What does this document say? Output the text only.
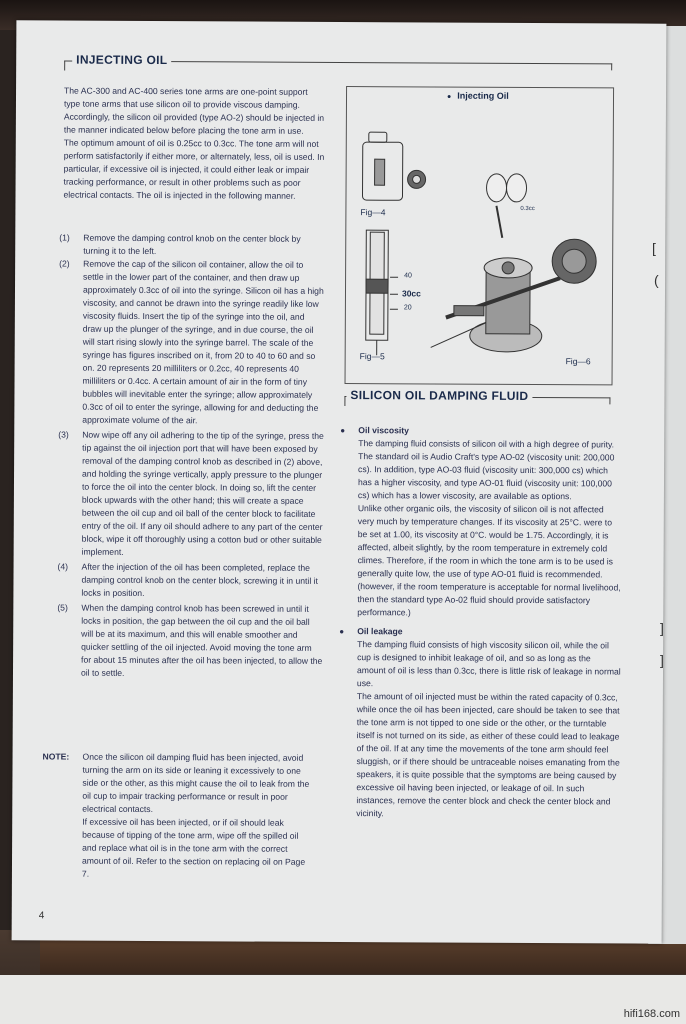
INJECTING OIL

The AC-300 and AC-400 series tone arms are one-point support type tone arms that use silicon oil to provide viscous damping. Accordingly, the silicon oil provided (type AO-2) should be injected in the manner indicated below before placing the tone arm in use.

The optimum amount of oil is 0.25cc to 0.3cc. The tone arm will not perform satisfactorily if either more, or alternately, less, oil is used. In particular, if excessive oil is injected, it could either leak or impair tracking performance, or result in other problems such as poor electrical contacts. The oil is injected in the following manner.

(1) Remove the damping control knob on the center block by turning it to the left.
(2) Remove the cap of the silicon oil container, allow the oil to settle in the lower part of the container, and then draw up approximately 0.3cc of oil into the syringe. Silicon oil has a high viscosity, and cannot be drawn into the syringe readily like low viscosity fluids. Insert the tip of the syringe into the oil, and draw up the plunger of the syringe, and in due course, the oil will start rising slowly into the syringe barrel. The scale of the syringe has figures inscribed on it, from 20 to 40 to 60 and so on. 20 represents 20 milliliters or 0.2cc, 40 represents 40 milliliters or 0.4cc. A certain amount of air in the form of tiny bubbles will inevitable enter the syringe; allow approximately 0.3cc of oil to enter the syringe, allowing for and deducting the approximate volume of the air.
(3) Now wipe off any oil adhering to the tip of the syringe, press the tip against the oil injection port that will have been exposed by removal of the damping control knob as described in (2) above, and holding the syringe vertically, apply pressure to the plunger to force the oil into the center block. In doing so, lift the center block upwards with the other hand; this will create a space between the oil cup and oil ball of the center block to facilitate entry of the oil. If any oil should adhere to any part of the center block, wipe it off thoroughly using a cotton bud or other suitable implement.
(4) After the injection of the oil has been completed, replace the damping control knob on the center block, screwing it in until it locks in position.
(5) When the damping control knob has been screwed in until it locks in position, the gap between the oil cup and the oil ball will be at its maximum, and this will enable smoother and quicker settling of the oil injected. Avoid moving the tone arm for about 15 minutes after the oil has been injected, to allow the oil to settle.
NOTE: Once the silicon oil damping fluid has been injected, avoid turning the arm on its side or leaning it excessively to one side or the other, as this might cause the oil to leak from the oil cup to impair tracking performance or result in poor electrical contacts.

If excessive oil has been injected, or if oil should leak because of tipping of the tone arm, wipe off the spilled oil and replace what oil is in the tone arm with the correct amount of oil. Refer to the section on replacing oil on Page 7.

● Injecting Oil
Fig—4
Fig—5
Fig—6
40
30cc
20
0.3cc
SILICON OIL DAMPING FLUID

● Oil viscosity

The damping fluid consists of silicon oil with a high degree of purity. The standard oil is Audio Craft's type AO-02 (viscosity unit: 200,000 cs). In addition, type AO-03 fluid (viscosity unit: 300,000 cs) which has a higher viscosity, and type AO-01 fluid (viscosity unit: 100,000 cs) which has a lower viscosity, are available as options.

Unlike other organic oils, the viscosity of silicon oil is not affected very much by temperature changes. If its viscosity at 25°C. were to be set at 1.00, its viscosity at 0°C. would be 1.75. Accordingly, it is affected, albeit slightly, by the room temperature in extremely cold climes. Therefore, if the room in which the tone arm is to be used is generally quite low, the use of type AO-01 fluid is recommended. (however, if the room temperature is acceptable for normal livelihood, then the standard type Ao-02 fluid should provide satisfactory performance.)

● Oil leakage

The damping fluid consists of high viscosity silicon oil, while the oil cup is designed to inhibit leakage of oil, and so as long as the amount of oil is less than 0.3cc, there is little risk of leakage in normal use.

The amount of oil injected must be within the rated capacity of 0.3cc, while once the oil has been injected, care should be taken to see that the tone arm is not tipped to one side or the other, or the turntable itself is not turned on its side, as either of these could lead to leakage of the oil. If at any time the movements of the tone arm should feel sluggish, or if there should be untraceable noises emanating from the speakers, it is quite possible that the symptoms are being caused by excessive oil having been injected, or leakage of oil. In such instances, remove the center block and check the center block and vicinity.

4
[
(
]
]
hifi168.com
